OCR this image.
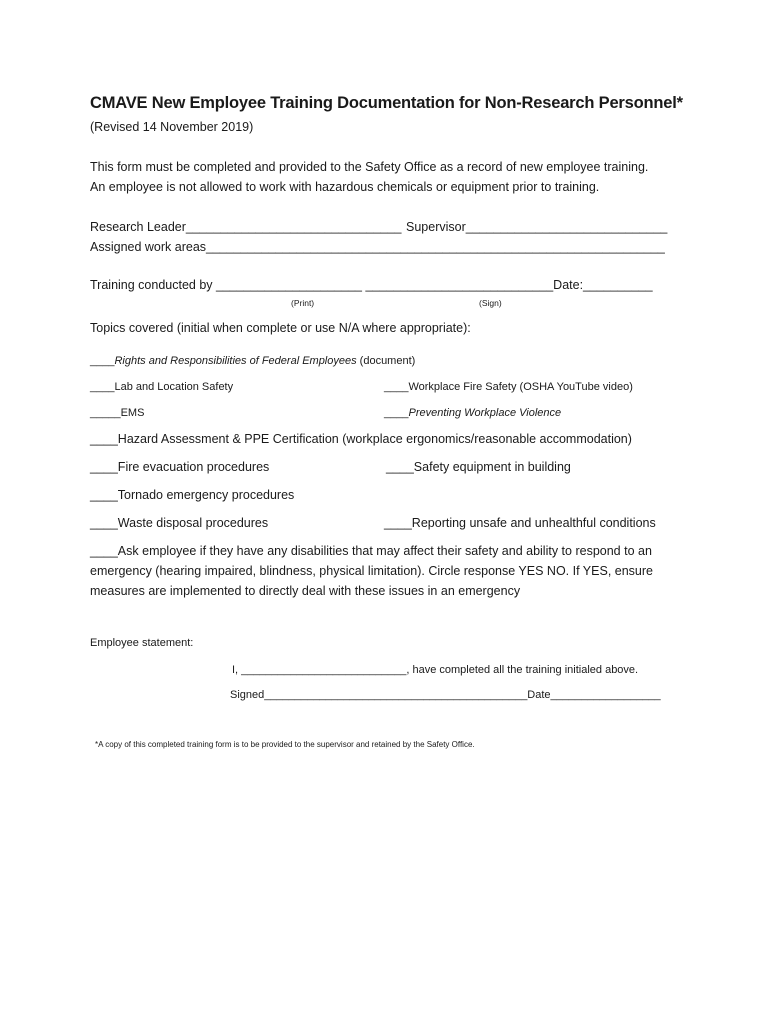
CMAVE New Employee Training Documentation for Non-Research Personnel*
(Revised 14 November 2019)
This form must be completed and provided to the Safety Office as a record of new employee training.
An employee is not allowed to work with hazardous chemicals or equipment prior to training.
Research Leader_______________________________ Supervisor_____________________________
Assigned work areas__________________________________________________________________
Training conducted by _____________________ ___________________________Date:__________
(Print)	(Sign)
Topics covered (initial when complete or use N/A where appropriate):
____Rights and Responsibilities of Federal Employees (document)
____Lab and Location Safety	____Workplace Fire Safety (OSHA YouTube video)
_____EMS	____Preventing Workplace Violence
____Hazard Assessment & PPE Certification (workplace ergonomics/reasonable accommodation)
____Fire evacuation procedures	____Safety equipment in building
____Tornado emergency procedures
____Waste disposal procedures	____Reporting unsafe and unhealthful conditions
____Ask employee if they have any disabilities that may affect their safety and ability to respond to an emergency (hearing impaired, blindness, physical limitation). Circle response YES NO. If YES, ensure measures are implemented to directly deal with these issues in an emergency
Employee statement:
I, ___________________________, have completed all the training initialed above.
Signed___________________________________________Date__________________
*A copy of this completed training form is to be provided to the supervisor and retained by the Safety Office.
